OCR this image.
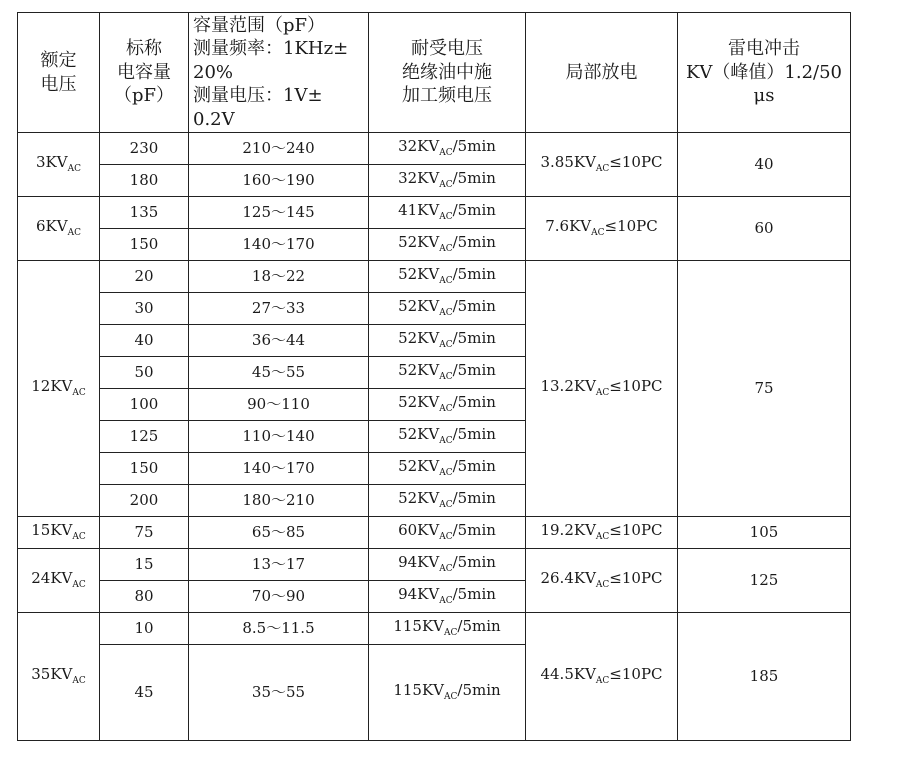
额定
电压	标称
电容量
（pF）	容量范围（pF）
测量频率：1KHz±
20%
测量电压：1V±
0.2V	耐受电压
绝缘油中施
加工频电压	局部放电	雷电冲击
KV（峰值）1.2/50
μs
$3KV_{AC}$	230	210～240	$32KV_{AC}/5\min$	$3.85KV_{AC}\le 10PC$	40
	180	160～190	$32KV_{AC}/5\min$		
$6KV_{AC}$	135	125～145	$41KV_{AC}/5\min$	$7.6KV_{AC}\le 10PC$	60
	150	140～170	$52KV_{AC}/5\min$		
$12KV_{AC}$	20	18～22	$52KV_{AC}/5\min$	$13.2KV_{AC}\le 10PC$	75
	30	27～33	$52KV_{AC}/5\min$		
	40	36～44	$52KV_{AC}/5\min$		
	50	45～55	$52KV_{AC}/5\min$		
	100	90～110	$52KV_{AC}/5\min$		
	125	110～140	$52KV_{AC}/5\min$		
	150	140～170	$52KV_{AC}/5\min$		
	200	180～210	$52KV_{AC}/5\min$		
$15KV_{AC}$	75	65～85	$60KV_{AC}/5\min$	$19.2KV_{AC}\le 10PC$	105
$24KV_{AC}$	15	13～17	$94KV_{AC}/5\min$	$26.4KV_{AC}\le 10PC$	125
	80	70～90	$94KV_{AC}/5\min$		
$35KV_{AC}$	10	8.5～11.5	$115KV_{AC}/5\min$	$44.5KV_{AC}\le 10PC$	185
	45	35～55	$115KV_{AC}/5\min$		
